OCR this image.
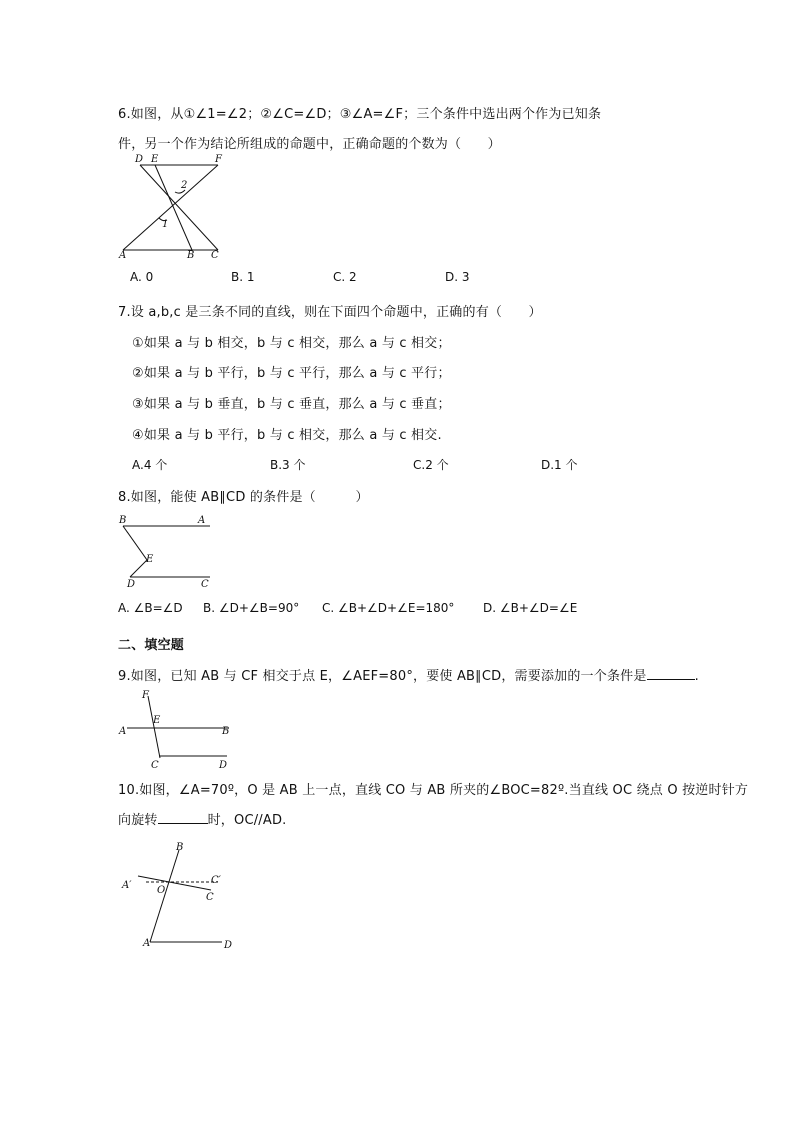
6.如图，从①∠1=∠2；②∠C=∠D；③∠A=∠F；三个条件中选出两个作为已知条
件，另一个作为结论所组成的命题中，正确命题的个数为（　　）
D E	F
2
1
A	B C
A. 0	B. 1	C. 2	D. 3
7.设 a,b,c 是三条不同的直线，则在下面四个命题中，正确的有（　　）
①如果 a 与 b 相交，b 与 c 相交，那么 a 与 c 相交；
②如果 a 与 b 平行，b 与 c 平行，那么 a 与 c 平行；
③如果 a 与 b 垂直，b 与 c 垂直，那么 a 与 c 垂直；
④如果 a 与 b 平行，b 与 c 相交，那么 a 与 c 相交.
A.4 个	B.3 个	C.2 个	D.1 个
8.如图，能使 AB∥CD 的条件是（　　　）
B	A
E
D	C
A. ∠B=∠D B. ∠D+∠B=90° C. ∠B+∠D+∠E=180° D. ∠B+∠D=∠E
二、填空题
9.如图，已知 AB 与 CF 相交于点 E，∠AEF=80°，要使 AB∥CD，需要添加的一个条件是	.
F
A
E
B
C	D
10.如图，∠A=70º，O 是 AB 上一点，直线 CO 与 AB 所夹的∠BOC=82º.当直线 OC 绕点 O 按逆时针方
向旋转	时，OC//AD.
B
A′	C′
O
C
A	D
